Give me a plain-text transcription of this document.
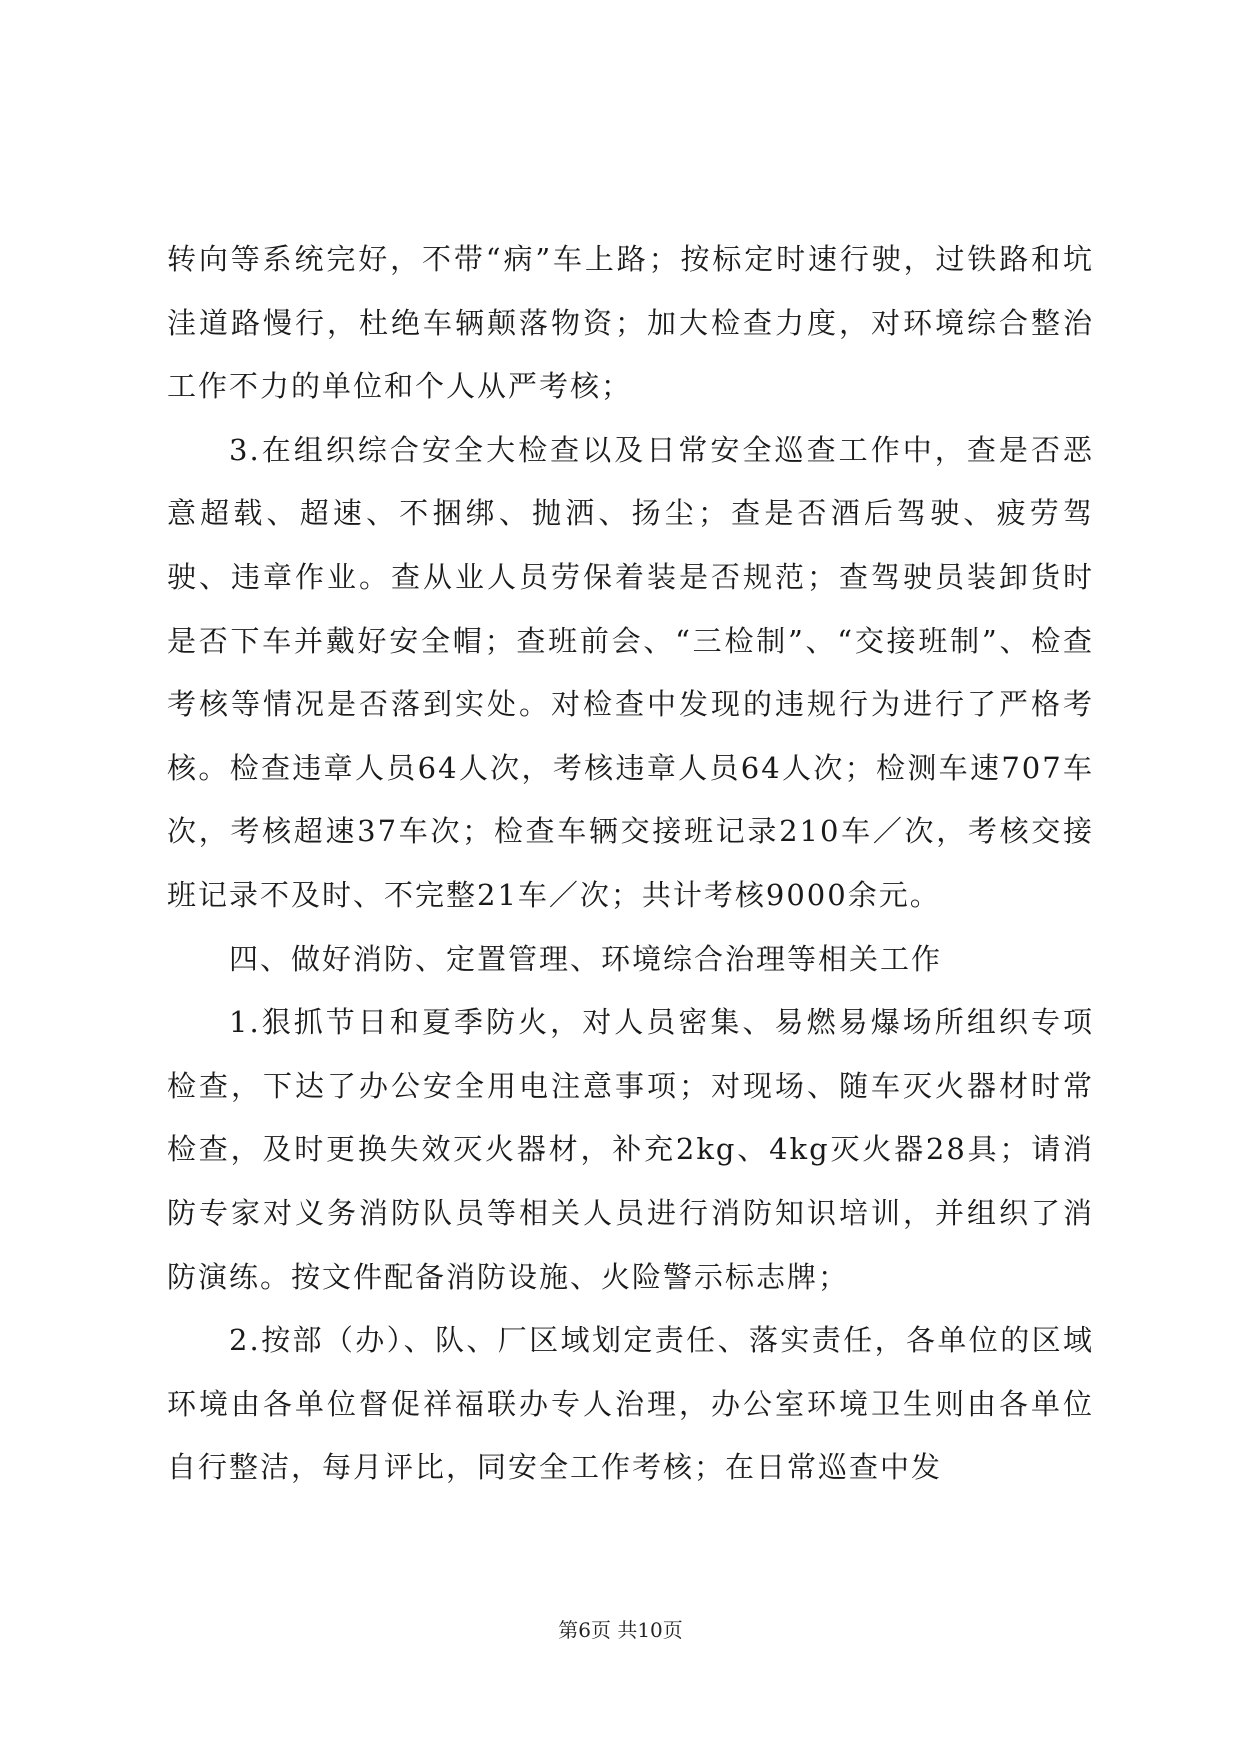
转向等系统完好，不带“病”车上路；按标定时速行驶，过铁路和坑洼道路慢行，杜绝车辆颠落物资；加大检查力度，对环境综合整治工作不力的单位和个人从严考核；

3.在组织综合安全大检查以及日常安全巡查工作中，查是否恶意超载、超速、不捆绑、抛洒、扬尘；查是否酒后驾驶、疲劳驾驶、违章作业。查从业人员劳保着装是否规范；查驾驶员装卸货时是否下车并戴好安全帽；查班前会、“三检制”、“交接班制”、检查考核等情况是否落到实处。对检查中发现的违规行为进行了严格考核。检查违章人员64人次，考核违章人员64人次；检测车速707车次，考核超速37车次；检查车辆交接班记录210车／次，考核交接班记录不及时、不完整21车／次；共计考核9000余元。

四、做好消防、定置管理、环境综合治理等相关工作

1.狠抓节日和夏季防火，对人员密集、易燃易爆场所组织专项检查，下达了办公安全用电注意事项；对现场、随车灭火器材时常检查，及时更换失效灭火器材，补充2kg、4kg灭火器28具；请消防专家对义务消防队员等相关人员进行消防知识培训，并组织了消防演练。按文件配备消防设施、火险警示标志牌；

2.按部（办）、队、厂区域划定责任、落实责任，各单位的区域环境由各单位督促祥福联办专人治理，办公室环境卫生则由各单位自行整洁，每月评比，同安全工作考核；在日常巡查中发

第6页 共10页
